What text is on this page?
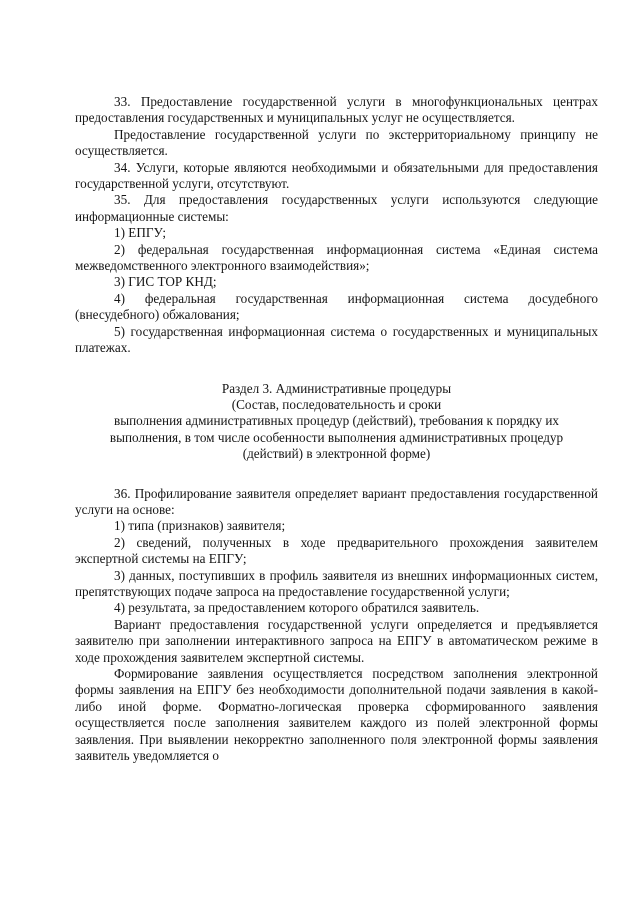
33. Предоставление государственной услуги в многофункциональных центрах предоставления государственных и муниципальных услуг не осуществляется.

Предоставление государственной услуги по экстерриториальному принципу не осуществляется.

34. Услуги, которые являются необходимыми и обязательными для предоставления государственной услуги, отсутствуют.

35. Для предоставления государственных услуги используются следующие информационные системы:

1) ЕПГУ;

2) федеральная государственная информационная система «Единая система межведомственного электронного взаимодействия»;

3) ГИС ТОР КНД;

4) федеральная государственная информационная система досудебного (внесудебного) обжалования;

5) государственная информационная система о государственных и муниципальных платежах.

Раздел 3. Административные процедуры
(Состав, последовательность и сроки
выполнения административных процедур (действий), требования к порядку их
выполнения, в том числе особенности выполнения административных процедур
(действий) в электронной форме)

36. Профилирование заявителя определяет вариант предоставления государственной услуги на основе:

1) типа (признаков) заявителя;

2) сведений, полученных в ходе предварительного прохождения заявителем экспертной системы на ЕПГУ;

3) данных, поступивших в профиль заявителя из внешних информационных систем, препятствующих подаче запроса на предоставление государственной услуги;

4) результата, за предоставлением которого обратился заявитель.

Вариант предоставления государственной услуги определяется и предъявляется заявителю при заполнении интерактивного запроса на ЕПГУ в автоматическом режиме в ходе прохождения заявителем экспертной системы.

Формирование заявления осуществляется посредством заполнения электронной формы заявления на ЕПГУ без необходимости дополнительной подачи заявления в какой-либо иной форме. Форматно-логическая проверка сформированного заявления осуществляется после заполнения заявителем каждого из полей электронной формы заявления. При выявлении некорректно заполненного поля электронной формы заявления заявитель уведомляется о
